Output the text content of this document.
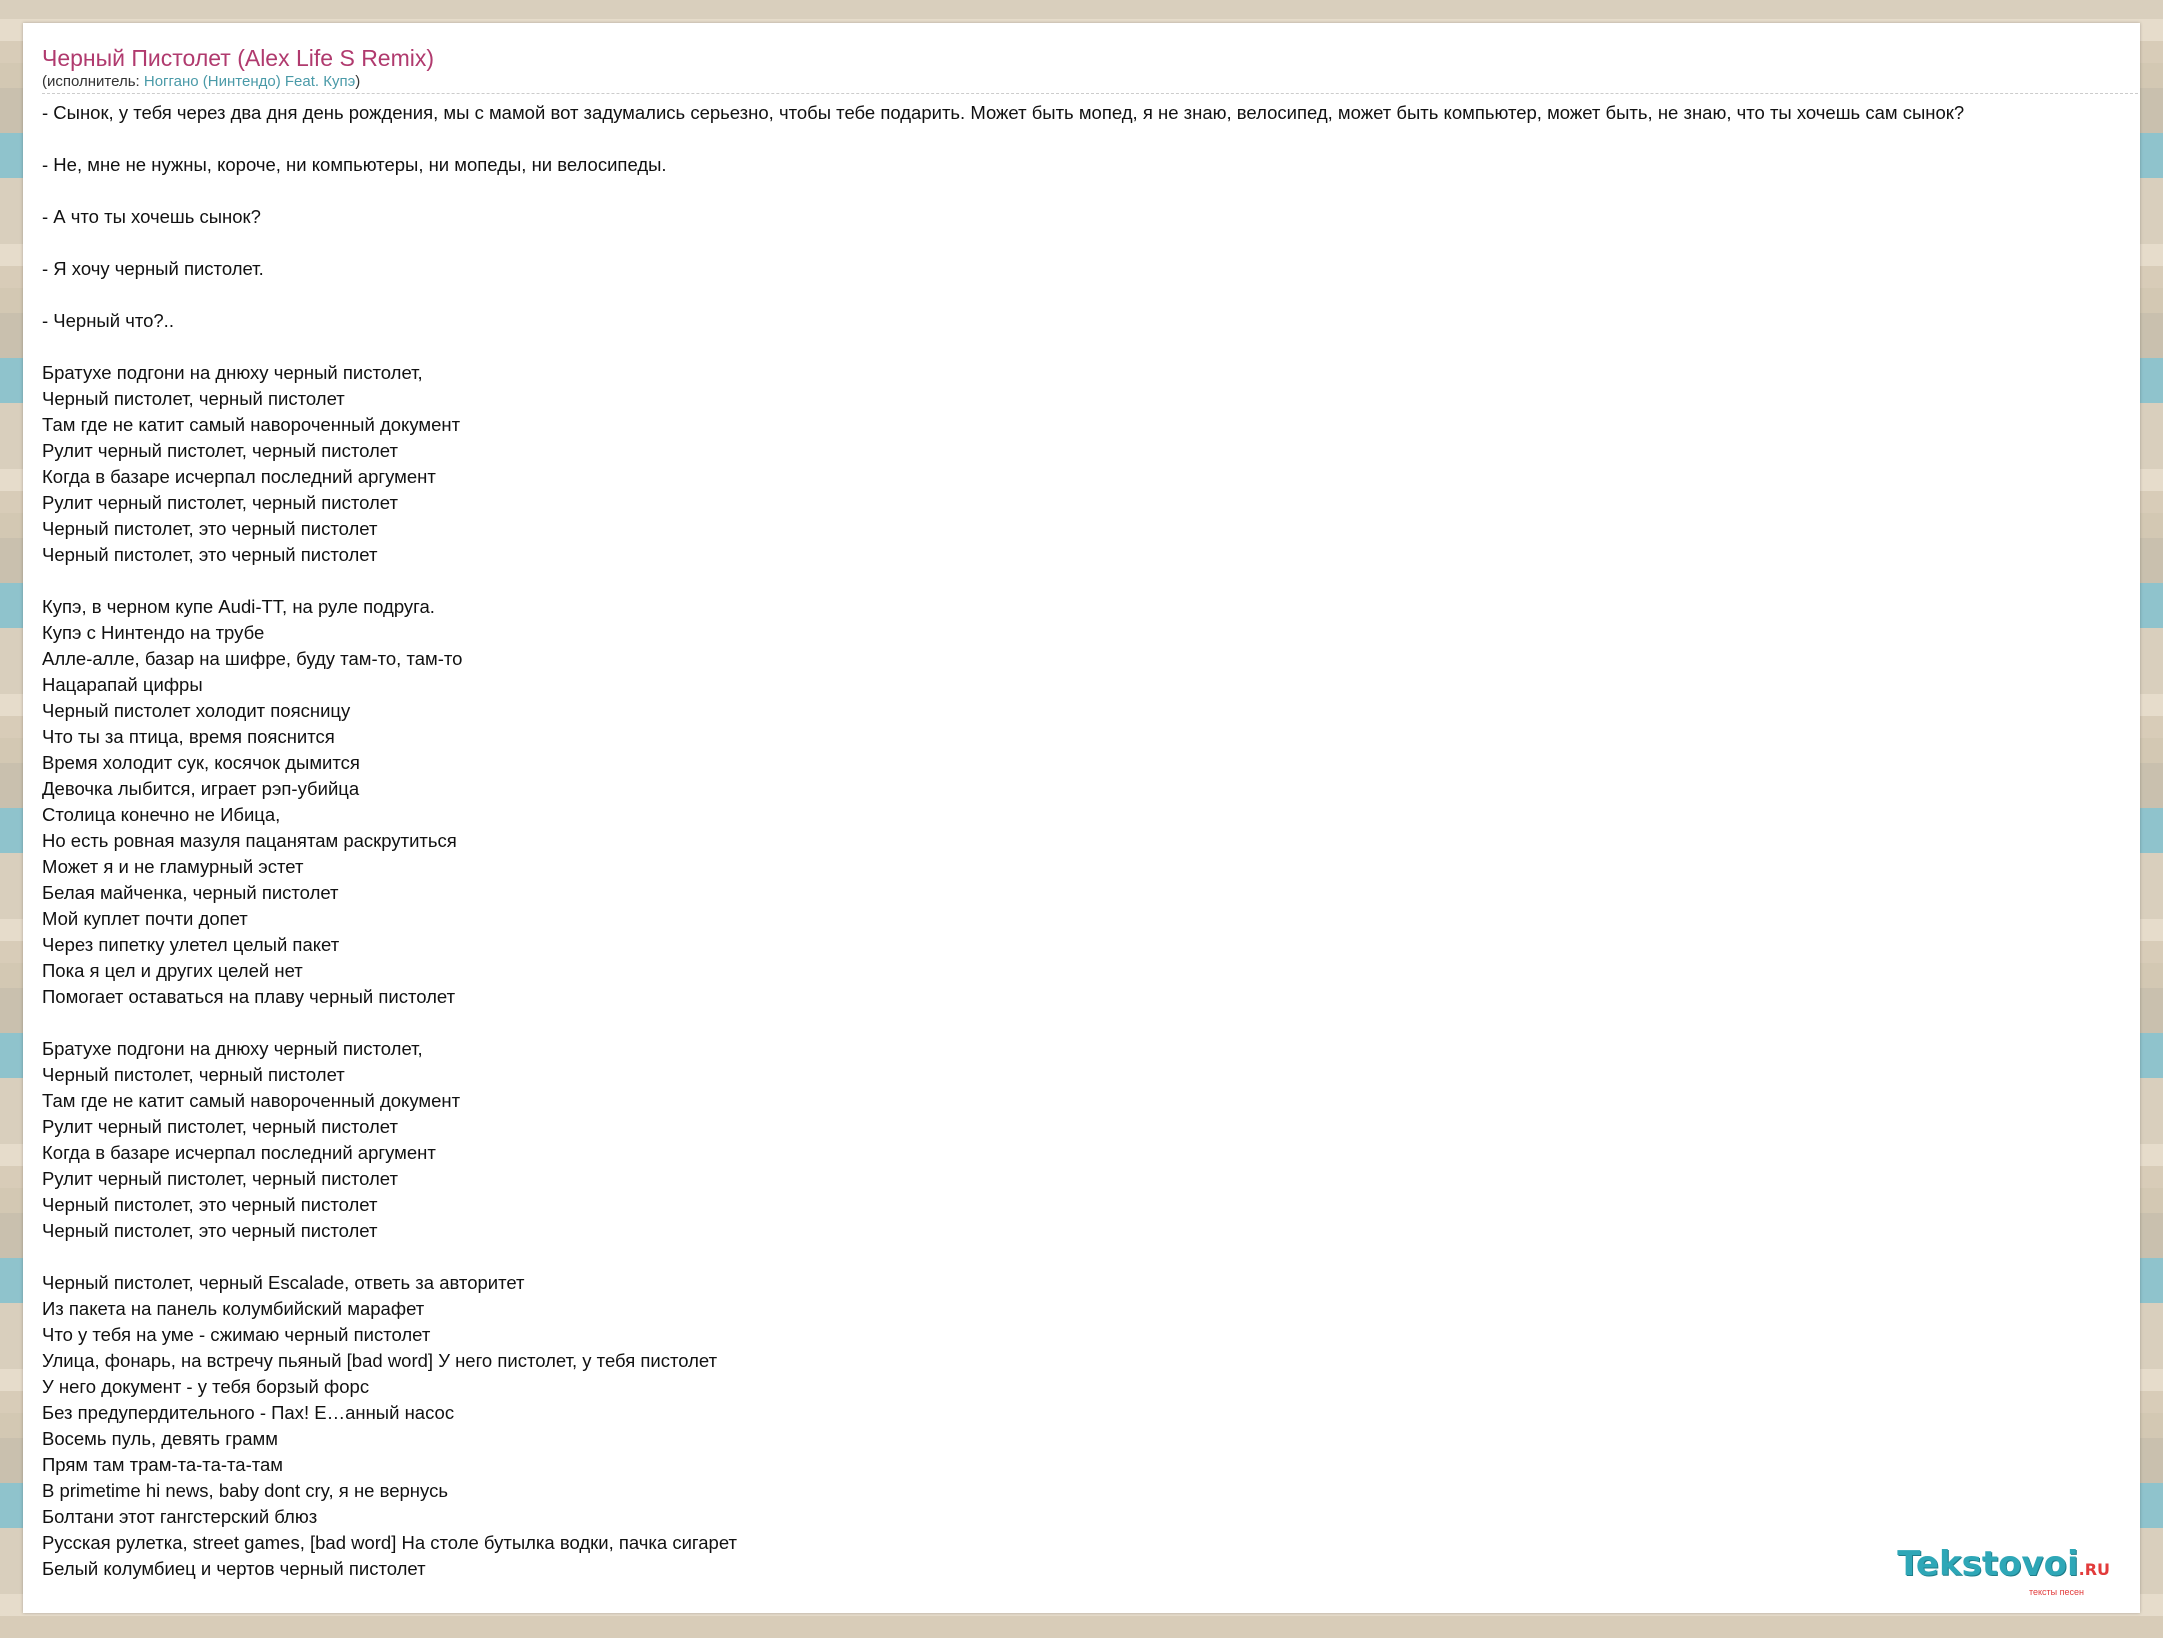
Черный Пистолет (Alex Life S Remix)
(исполнитель: Ноггано (Нинтендо) Feat. Купэ)
- Сынок, у тебя через два дня день рождения, мы с мамой вот задумались серьезно, чтобы тебе подарить. Может быть мопед, я не знаю, велосипед, может быть компьютер, может быть, не знаю, что ты хочешь сам сынок?
- Не, мне не нужны, короче, ни компьютеры, ни мопеды, ни велосипеды.
- А что ты хочешь сынок?
- Я хочу черный пистолет.
- Черный что?..
Братухе подгони на днюху черный пистолет,
Черный пистолет, черный пистолет
Там где не катит самый навороченный документ
Рулит черный пистолет, черный пистолет
Когда в базаре исчерпал последний аргумент
Рулит черный пистолет, черный пистолет
Черный пистолет, это черный пистолет
Черный пистолет, это черный пистолет
Купэ, в черном купе Audi-TT, на руле подруга.
Купэ с Нинтендо на трубе
Алле-алле, базар на шифре, буду там-то, там-то
Нацарапай цифры
Черный пистолет холодит поясницу
Что ты за птица, время пояснится
Время холодит сук, косячок дымится
Девочка лыбится, играет рэп-убийца
Столица конечно не Ибица,
Но есть ровная мазуля пацанятам раскрутиться
Может я и не гламурный эстет
Белая майченка, черный пистолет
Мой куплет почти допет
Через пипетку улетел целый пакет
Пока я цел и других целей нет
Помогает оставаться на плаву черный пистолет
Братухе подгони на днюху черный пистолет,
Черный пистолет, черный пистолет
Там где не катит самый навороченный документ
Рулит черный пистолет, черный пистолет
Когда в базаре исчерпал последний аргумент
Рулит черный пистолет, черный пистолет
Черный пистолет, это черный пистолет
Черный пистолет, это черный пистолет
Черный пистолет, черный Escalade, ответь за авторитет
Из пакета на панель колумбийский марафет
Что у тебя на уме - сжимаю черный пистолет
Улица, фонарь, на встречу пьяный [bad word] У него пистолет, у тебя пистолет
У него документ - у тебя борзый форс
Без предупердительного - Пах! Е…анный насос
Восемь пуль, девять грамм
Прям там трам-та-та-та-там
В primetime hi news, baby dont cry, я не вернусь
Болтани этот гангстерский блюз
Русская рулетка, street games, [bad word] На столе бутылка водки, пачка сигарет
Белый колумбиец и чертов черный пистолет	Tekstovoi.RU
тексты песен
